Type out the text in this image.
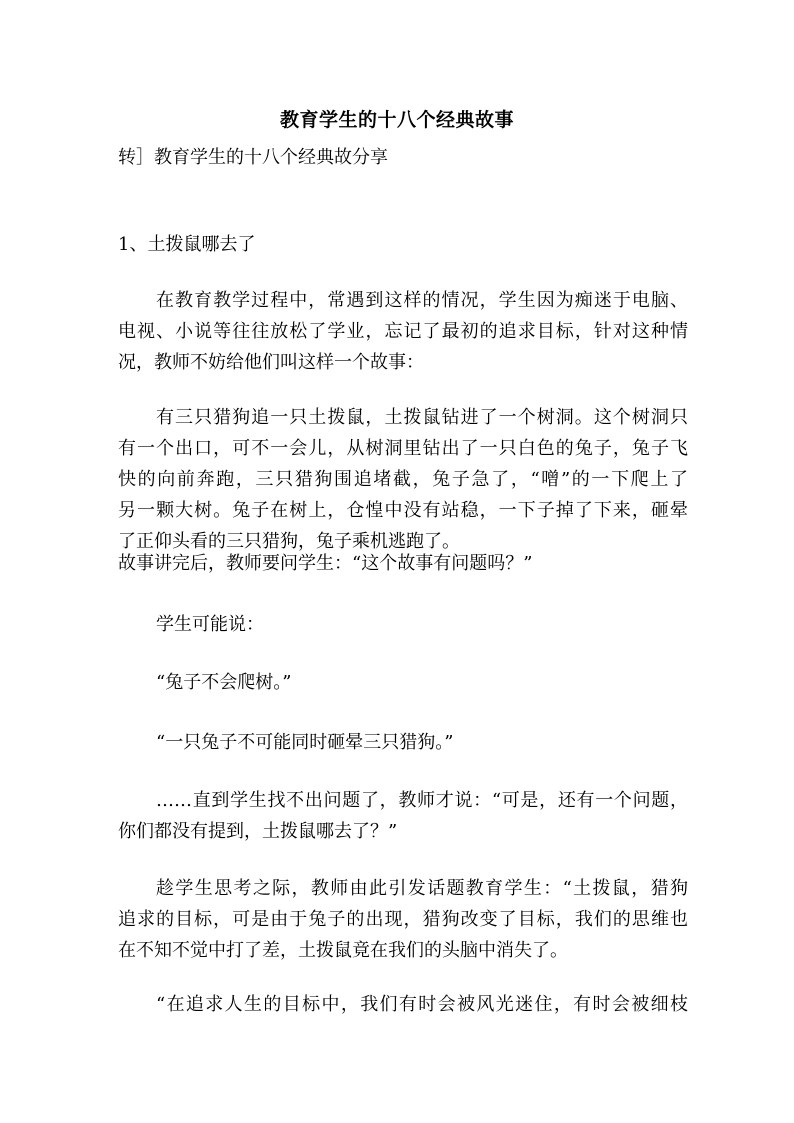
教育学生的十八个经典故事
转］教育学生的十八个经典故分享
1、土拨鼠哪去了
在教育教学过程中，常遇到这样的情况，学生因为痴迷于电脑、
电视、小说等往往放松了学业，忘记了最初的追求目标，针对这种情
况，教师不妨给他们叫这样一个故事：
有三只猎狗追一只土拨鼠，土拨鼠钻进了一个树洞。这个树洞只
有一个出口，可不一会儿，从树洞里钻出了一只白色的兔子，兔子飞
快的向前奔跑，三只猎狗围追堵截，兔子急了，“噌”的一下爬上了
另一颗大树。兔子在树上，仓惶中没有站稳，一下子掉了下来，砸晕
了正仰头看的三只猎狗，兔子乘机逃跑了。
故事讲完后，教师要问学生：“这个故事有问题吗？”
学生可能说：
“兔子不会爬树。”
“一只兔子不可能同时砸晕三只猎狗。”
……直到学生找不出问题了，教师才说：“可是，还有一个问题，
你们都没有提到，土拨鼠哪去了？”
趁学生思考之际，教师由此引发话题教育学生：“土拨鼠，猎狗
追求的目标，可是由于兔子的出现，猎狗改变了目标，我们的思维也
在不知不觉中打了差，土拨鼠竟在我们的头脑中消失了。
“在追求人生的目标中，我们有时会被风光迷住，有时会被细枝
